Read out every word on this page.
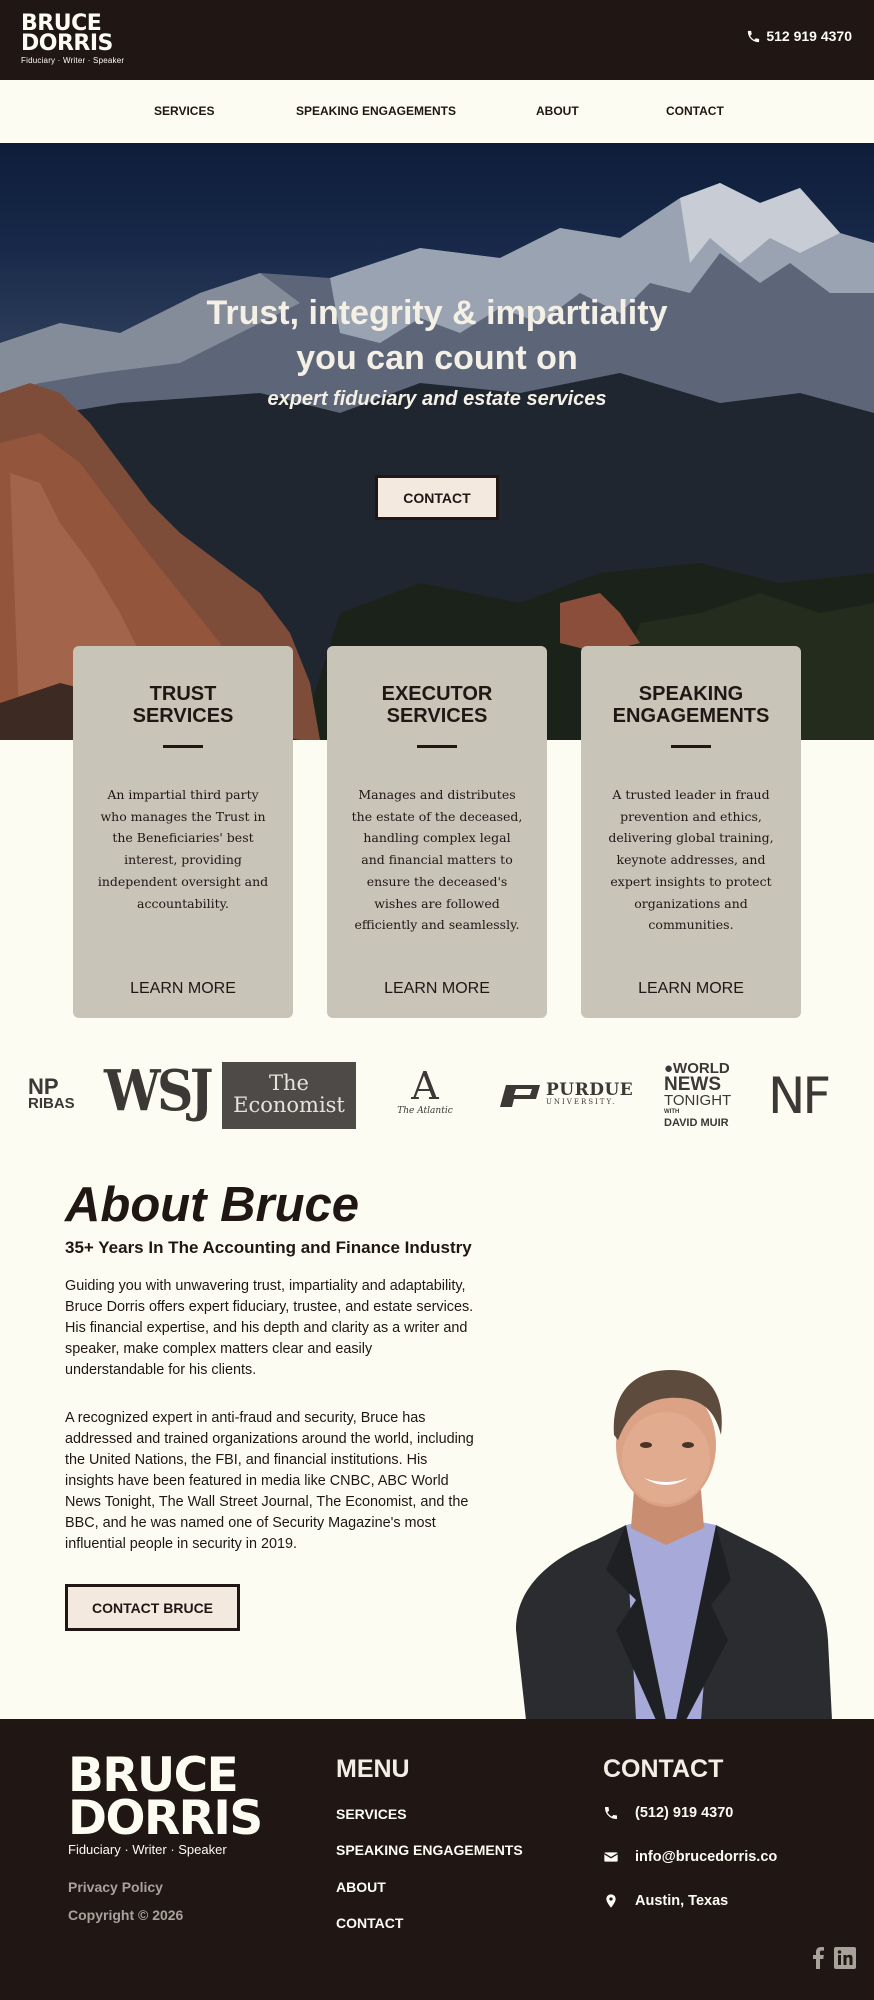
BRUCE
DORRIS
Fiduciary · Writer · Speaker
512 919 4370
SERVICES	SPEAKING ENGAGEMENTS	ABOUT	CONTACT
Trust, integrity & impartiality
you can count on
expert fiduciary and estate services
CONTACT
TRUST
SERVICES

An impartial third party who manages the Trust in the Beneficiaries' best interest, providing independent oversight and accountability.

LEARN MORE
EXECUTOR
SERVICES

Manages and distributes the estate of the deceased, handling complex legal and financial matters to ensure the deceased's wishes are followed efficiently and seamlessly.

LEARN MORE
SPEAKING
ENGAGEMENTS

A trusted leader in fraud prevention and ethics, delivering global training, keynote addresses, and expert insights to protect organizations and communities.

LEARN MORE
NP
RIBAS WSJ	The
Economist	A
The Atlantic
PURDUE
UNIVERSITY.
●WORLD
NEWS
TONIGHT
WITH
DAVID MUIR NF
About Bruce
35+ Years In The Accounting and Finance Industry

Guiding you with unwavering trust, impartiality and adaptability, Bruce Dorris offers expert fiduciary, trustee, and estate services. His financial expertise, and his depth and clarity as a writer and speaker, make complex matters clear and easily understandable for his clients.

A recognized expert in anti-fraud and security, Bruce has addressed and trained organizations around the world, including the United Nations, the FBI, and financial institutions. His insights have been featured in media like CNBC, ABC World News Tonight, The Wall Street Journal, The Economist, and the BBC, and he was named one of Security Magazine's most influential people in security in 2019.

CONTACT BRUCE
BRUCE
DORRIS
Fiduciary · Writer · Speaker
Privacy Policy
Copyright © 2026
MENU
SERVICES
SPEAKING ENGAGEMENTS
ABOUT
CONTACT
CONTACT
(512) 919 4370
info@brucedorris.co
Austin, Texas
